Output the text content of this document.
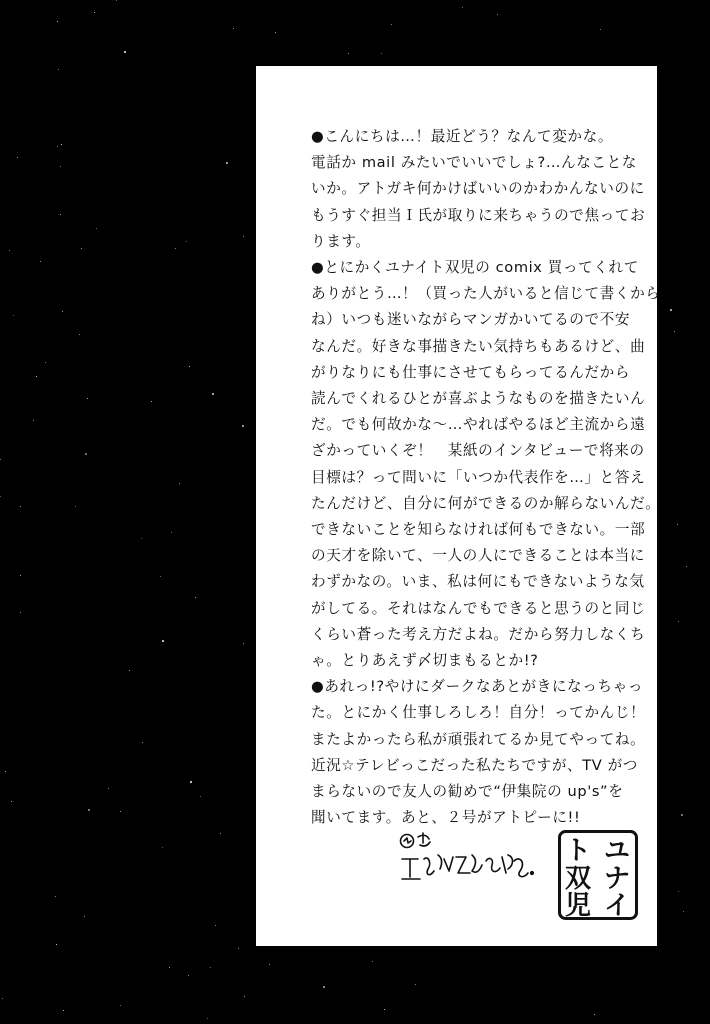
●こんにちは…！最近どう？なんて変かな。
電話か mail みたいでいいでしょ?…んなことな
いか。アトガキ何かけばいいのかわかんないのに
もうすぐ担当Ｉ氏が取りに来ちゃうので焦ってお
ります。
●とにかくユナイト双児の comix 買ってくれて
ありがとう…！（買った人がいると信じて書くから
ね）いつも迷いながらマンガかいてるので不安
なんだ。好きな事描きたい気持ちもあるけど、曲
がりなりにも仕事にさせてもらってるんだから
読んでくれるひとが喜ぶようなものを描きたいん
だ。でも何故かな〜…やればやるほど主流から遠
ざかっていくぞ！　某紙のインタビューで将来の
目標は？って問いに「いつか代表作を…」と答え
たんだけど、自分に何ができるのか解らないんだ。
できないことを知らなければ何もできない。一部
の天才を除いて、一人の人にできることは本当に
わずかなの。いま、私は何にもできないような気
がしてる。それはなんでもできると思うのと同じ
くらい蒼った考え方だよね。だから努力しなくち
ゃ。とりあえず〆切まもるとか!?
●あれっ!?やけにダークなあとがきになっちゃっ
た。とにかく仕事しろしろ！自分！ってかんじ！
またよかったら私が頑張れてるか見てやってね。
近況☆テレビっこだった私たちですが、TV がつ
まらないので友人の勧めで“伊集院の up's”を
聞いてます。あと、２号がアトピーに!!
ユ
ナ
イ
ト
双
児
